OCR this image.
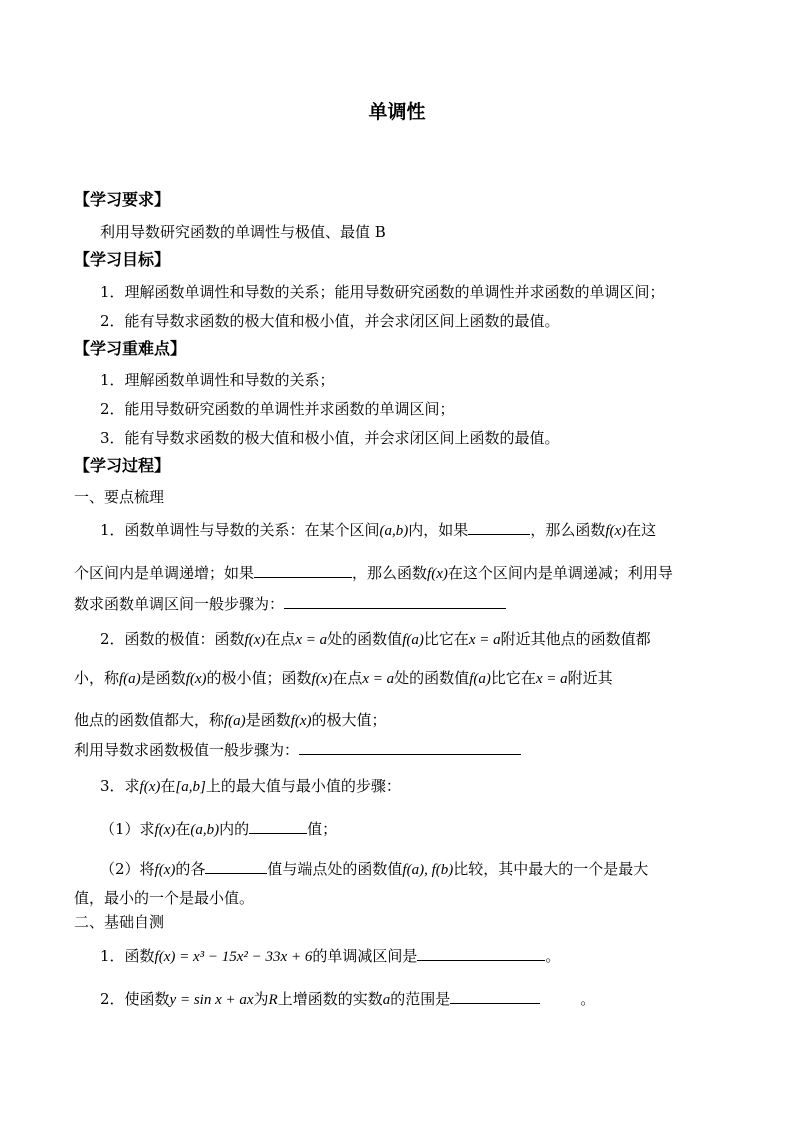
单调性
【学习要求】
利用导数研究函数的单调性与极值、最值 B
【学习目标】
1．理解函数单调性和导数的关系；能用导数研究函数的单调性并求函数的单调区间；
2．能有导数求函数的极大值和极小值，并会求闭区间上函数的最值。
【学习重难点】
1．理解函数单调性和导数的关系；
2．能用导数研究函数的单调性并求函数的单调区间；
3．能有导数求函数的极大值和极小值，并会求闭区间上函数的最值。
【学习过程】
一、要点梳理
1．函数单调性与导数的关系：在某个区间(a,b)内，如果	，那么函数f(x)在这
个区间内是单调递增；如果	，那么函数f(x)在这个区间内是单调递减；利用导
数求函数单调区间一般步骤为：
2．函数的极值：函数f(x)在点x = a处的函数值f(a)比它在x = a附近其他点的函数值都
小，称f(a)是函数f(x)的极小值；函数f(x)在点x = a处的函数值f(a)比它在x = a附近其
他点的函数值都大，称f(a)是函数f(x)的极大值；
利用导数求函数极值一般步骤为：
3．求f(x)在[a,b]上的最大值与最小值的步骤：
（1）求f(x)在(a,b)内的	值；
（2）将f(x)的各	值与端点处的函数值f(a), f(b)比较，其中最大的一个是最大
值，最小的一个是最小值。
二、基础自测
1．函数f(x) = x³ − 15x² − 33x + 6的单调减区间是	。
2．使函数y = sin x + ax为R上增函数的实数a的范围是	。
